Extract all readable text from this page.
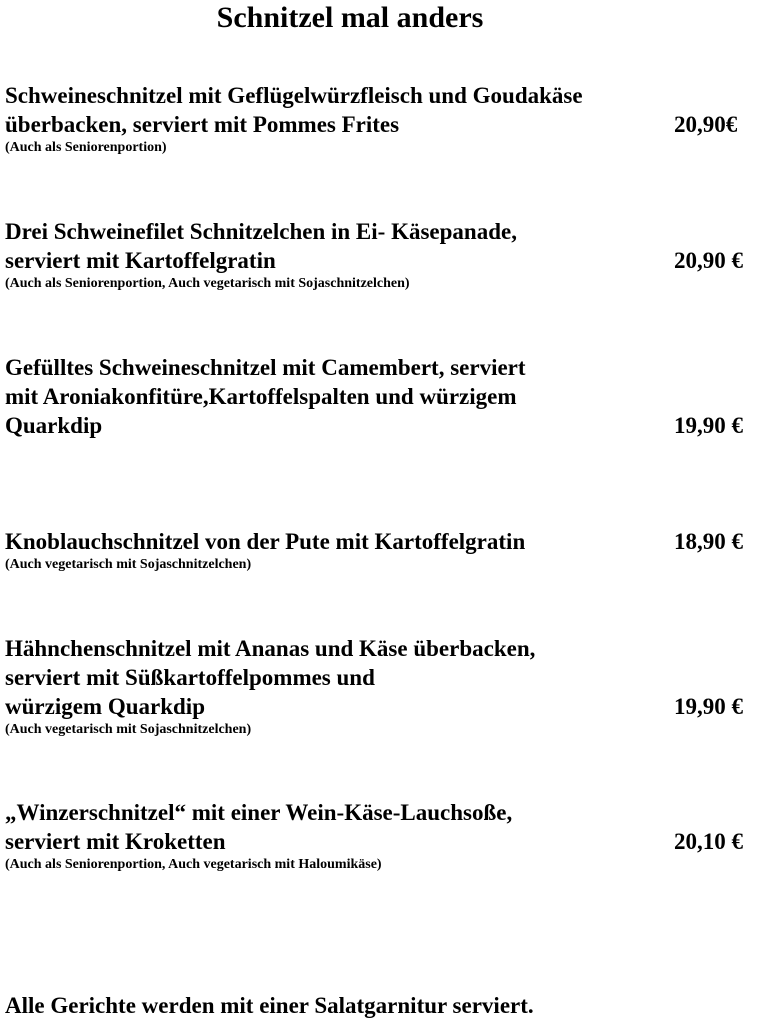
Schnitzel mal anders
Schweineschnitzel mit Geflügelwürzfleisch und Goudakäse
überbacken, serviert mit Pommes Frites	20,90€
(Auch als Seniorenportion)
Drei Schweinefilet Schnitzelchen in Ei- Käsepanade,
serviert mit Kartoffelgratin	20,90 €
(Auch als Seniorenportion, Auch vegetarisch mit Sojaschnitzelchen)
Gefülltes Schweineschnitzel mit Camembert, serviert
mit Aroniakonfitüre,Kartoffelspalten und würzigem
Quarkdip	19,90 €
Knoblauchschnitzel von der Pute mit Kartoffelgratin	18,90 €
(Auch vegetarisch mit Sojaschnitzelchen)
Hähnchenschnitzel mit Ananas und Käse überbacken,
serviert mit Süßkartoffelpommes und
würzigem Quarkdip	19,90 €
(Auch vegetarisch mit Sojaschnitzelchen)
„Winzerschnitzel“ mit einer Wein-Käse-Lauchsoße,
serviert mit Kroketten	20,10 €
(Auch als Seniorenportion, Auch vegetarisch mit Haloumikäse)
Alle Gerichte werden mit einer Salatgarnitur serviert.
